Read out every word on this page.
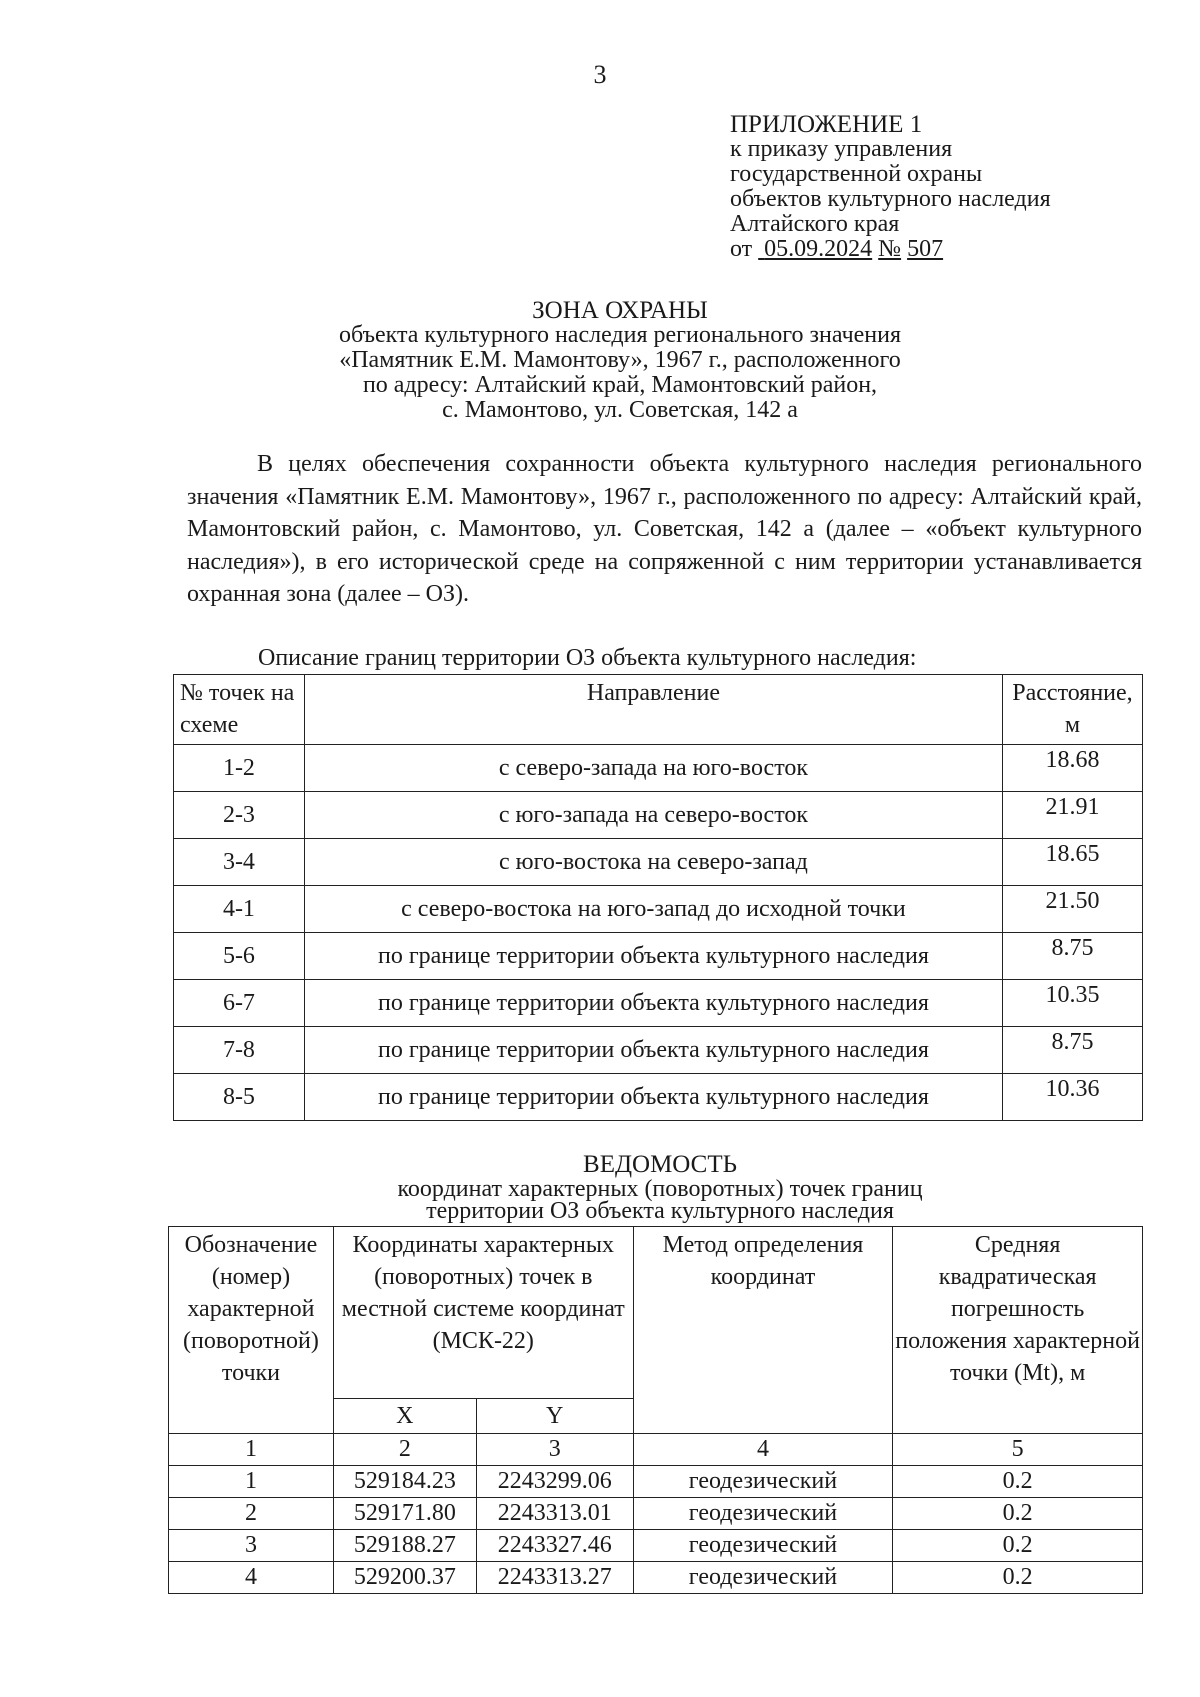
3
ПРИЛОЖЕНИЕ 1
к приказу управления
государственной охраны
объектов культурного наследия
Алтайского края
от 05.09.2024 № 507
ЗОНА ОХРАНЫ
объекта культурного наследия регионального значения
«Памятник Е.М. Мамонтову», 1967 г., расположенного
по адресу: Алтайский край, Мамонтовский район,
с. Мамонтово, ул. Советская, 142 а
В целях обеспечения сохранности объекта культурного наследия регионального значения «Памятник Е.М. Мамонтову», 1967 г., расположенного по адресу: Алтайский край, Мамонтовский район, с. Мамонтово, ул. Советская, 142 а (далее – «объект культурного наследия»), в его исторической среде на сопряженной с ним территории устанавливается охранная зона (далее – ОЗ).
Описание границ территории ОЗ объекта культурного наследия:
№ точек на схеме	Направление	Расстояние, м
1-2	с северо-запада на юго-восток	18.68
2-3	с юго-запада на северо-восток	21.91
3-4	с юго-востока на северо-запад	18.65
4-1	с северо-востока на юго-запад до исходной точки	21.50
5-6	по границе территории объекта культурного наследия	8.75
6-7	по границе территории объекта культурного наследия	10.35
7-8	по границе территории объекта культурного наследия	8.75
8-5	по границе территории объекта культурного наследия	10.36
ВЕДОМОСТЬ
координат характерных (поворотных) точек границ
территории ОЗ объекта культурного наследия
Обозначение (номер) характерной (поворотной) точки	Координаты характерных (поворотных) точек в местной системе координат (МСК-22)		Метод определения координат	Средняя квадратическая погрешность положения характерной точки (Mt), м
	X	Y		
1	2	3	4	5
1	529184.23	2243299.06	геодезический	0.2
2	529171.80	2243313.01	геодезический	0.2
3	529188.27	2243327.46	геодезический	0.2
4	529200.37	2243313.27	геодезический	0.2
